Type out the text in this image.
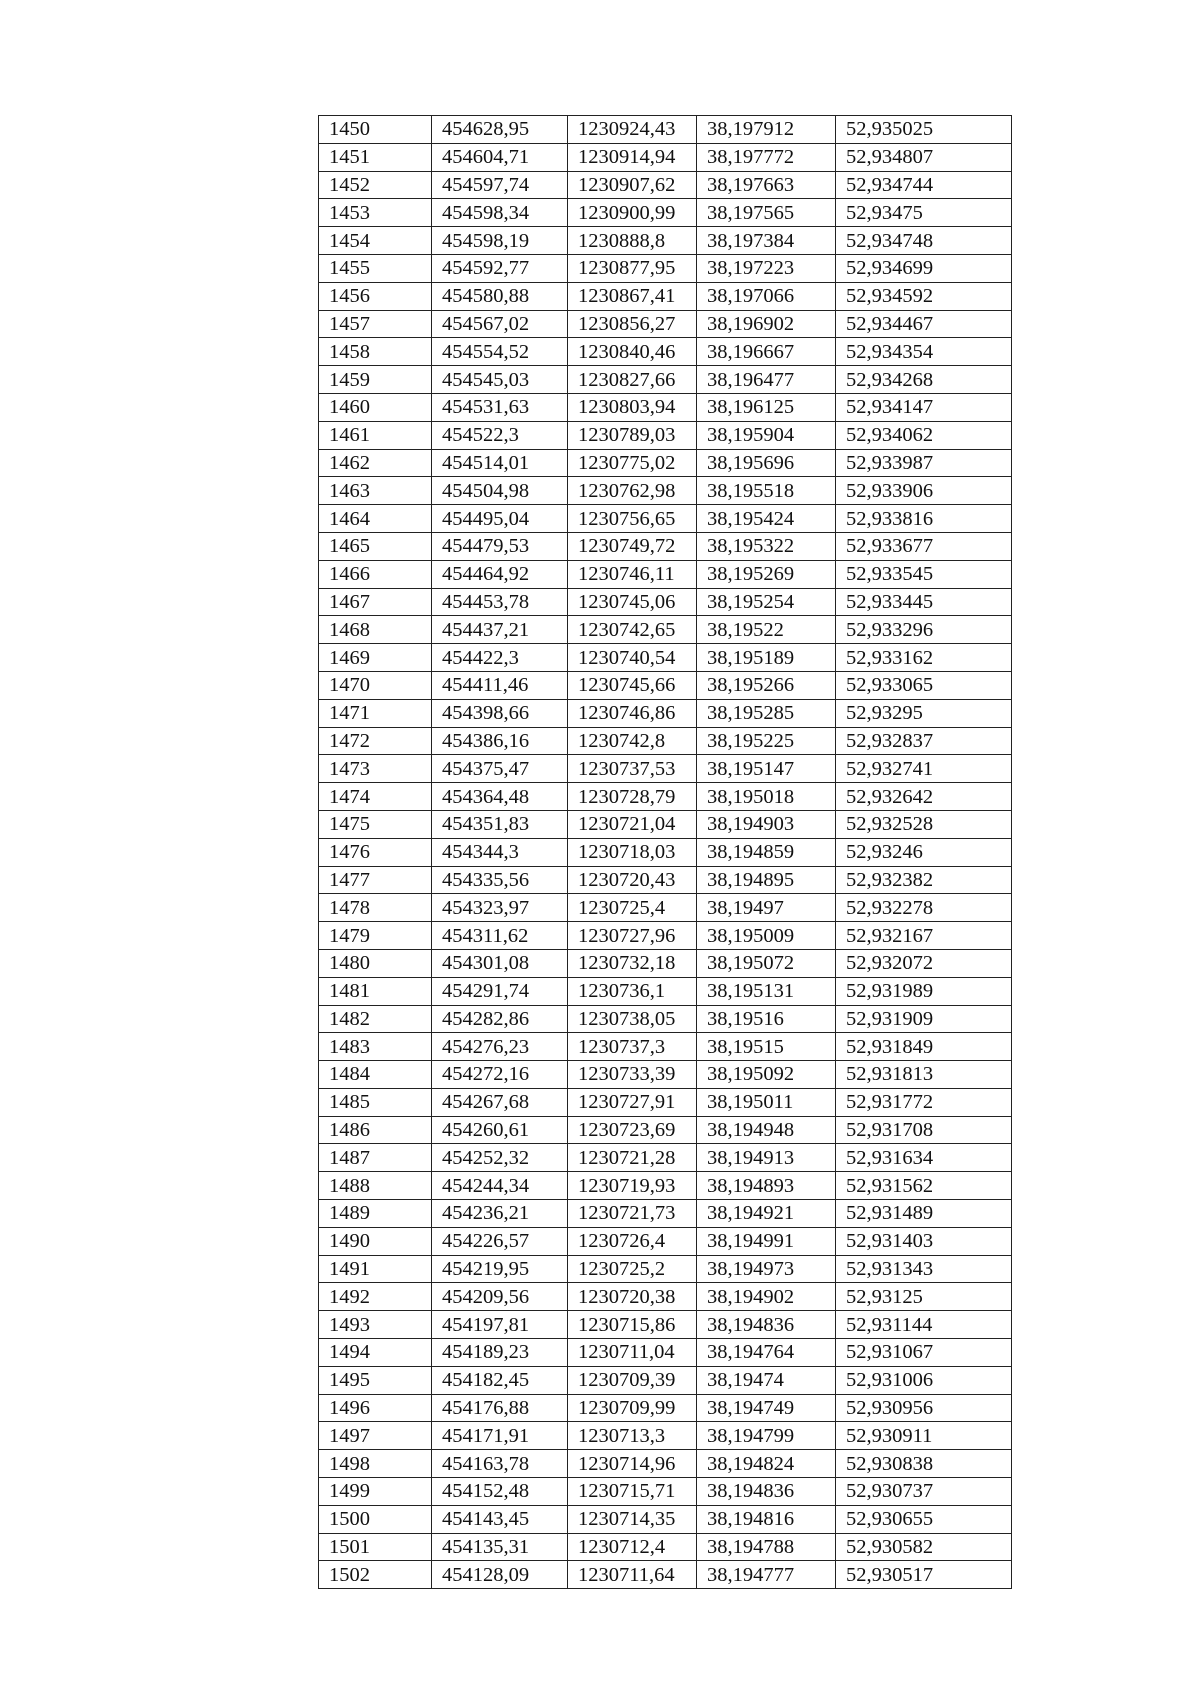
1450	454628,95	1230924,43	38,197912	52,935025
1451	454604,71	1230914,94	38,197772	52,934807
1452	454597,74	1230907,62	38,197663	52,934744
1453	454598,34	1230900,99	38,197565	52,93475
1454	454598,19	1230888,8	38,197384	52,934748
1455	454592,77	1230877,95	38,197223	52,934699
1456	454580,88	1230867,41	38,197066	52,934592
1457	454567,02	1230856,27	38,196902	52,934467
1458	454554,52	1230840,46	38,196667	52,934354
1459	454545,03	1230827,66	38,196477	52,934268
1460	454531,63	1230803,94	38,196125	52,934147
1461	454522,3	1230789,03	38,195904	52,934062
1462	454514,01	1230775,02	38,195696	52,933987
1463	454504,98	1230762,98	38,195518	52,933906
1464	454495,04	1230756,65	38,195424	52,933816
1465	454479,53	1230749,72	38,195322	52,933677
1466	454464,92	1230746,11	38,195269	52,933545
1467	454453,78	1230745,06	38,195254	52,933445
1468	454437,21	1230742,65	38,19522	52,933296
1469	454422,3	1230740,54	38,195189	52,933162
1470	454411,46	1230745,66	38,195266	52,933065
1471	454398,66	1230746,86	38,195285	52,93295
1472	454386,16	1230742,8	38,195225	52,932837
1473	454375,47	1230737,53	38,195147	52,932741
1474	454364,48	1230728,79	38,195018	52,932642
1475	454351,83	1230721,04	38,194903	52,932528
1476	454344,3	1230718,03	38,194859	52,93246
1477	454335,56	1230720,43	38,194895	52,932382
1478	454323,97	1230725,4	38,19497	52,932278
1479	454311,62	1230727,96	38,195009	52,932167
1480	454301,08	1230732,18	38,195072	52,932072
1481	454291,74	1230736,1	38,195131	52,931989
1482	454282,86	1230738,05	38,19516	52,931909
1483	454276,23	1230737,3	38,19515	52,931849
1484	454272,16	1230733,39	38,195092	52,931813
1485	454267,68	1230727,91	38,195011	52,931772
1486	454260,61	1230723,69	38,194948	52,931708
1487	454252,32	1230721,28	38,194913	52,931634
1488	454244,34	1230719,93	38,194893	52,931562
1489	454236,21	1230721,73	38,194921	52,931489
1490	454226,57	1230726,4	38,194991	52,931403
1491	454219,95	1230725,2	38,194973	52,931343
1492	454209,56	1230720,38	38,194902	52,93125
1493	454197,81	1230715,86	38,194836	52,931144
1494	454189,23	1230711,04	38,194764	52,931067
1495	454182,45	1230709,39	38,19474	52,931006
1496	454176,88	1230709,99	38,194749	52,930956
1497	454171,91	1230713,3	38,194799	52,930911
1498	454163,78	1230714,96	38,194824	52,930838
1499	454152,48	1230715,71	38,194836	52,930737
1500	454143,45	1230714,35	38,194816	52,930655
1501	454135,31	1230712,4	38,194788	52,930582
1502	454128,09	1230711,64	38,194777	52,930517
